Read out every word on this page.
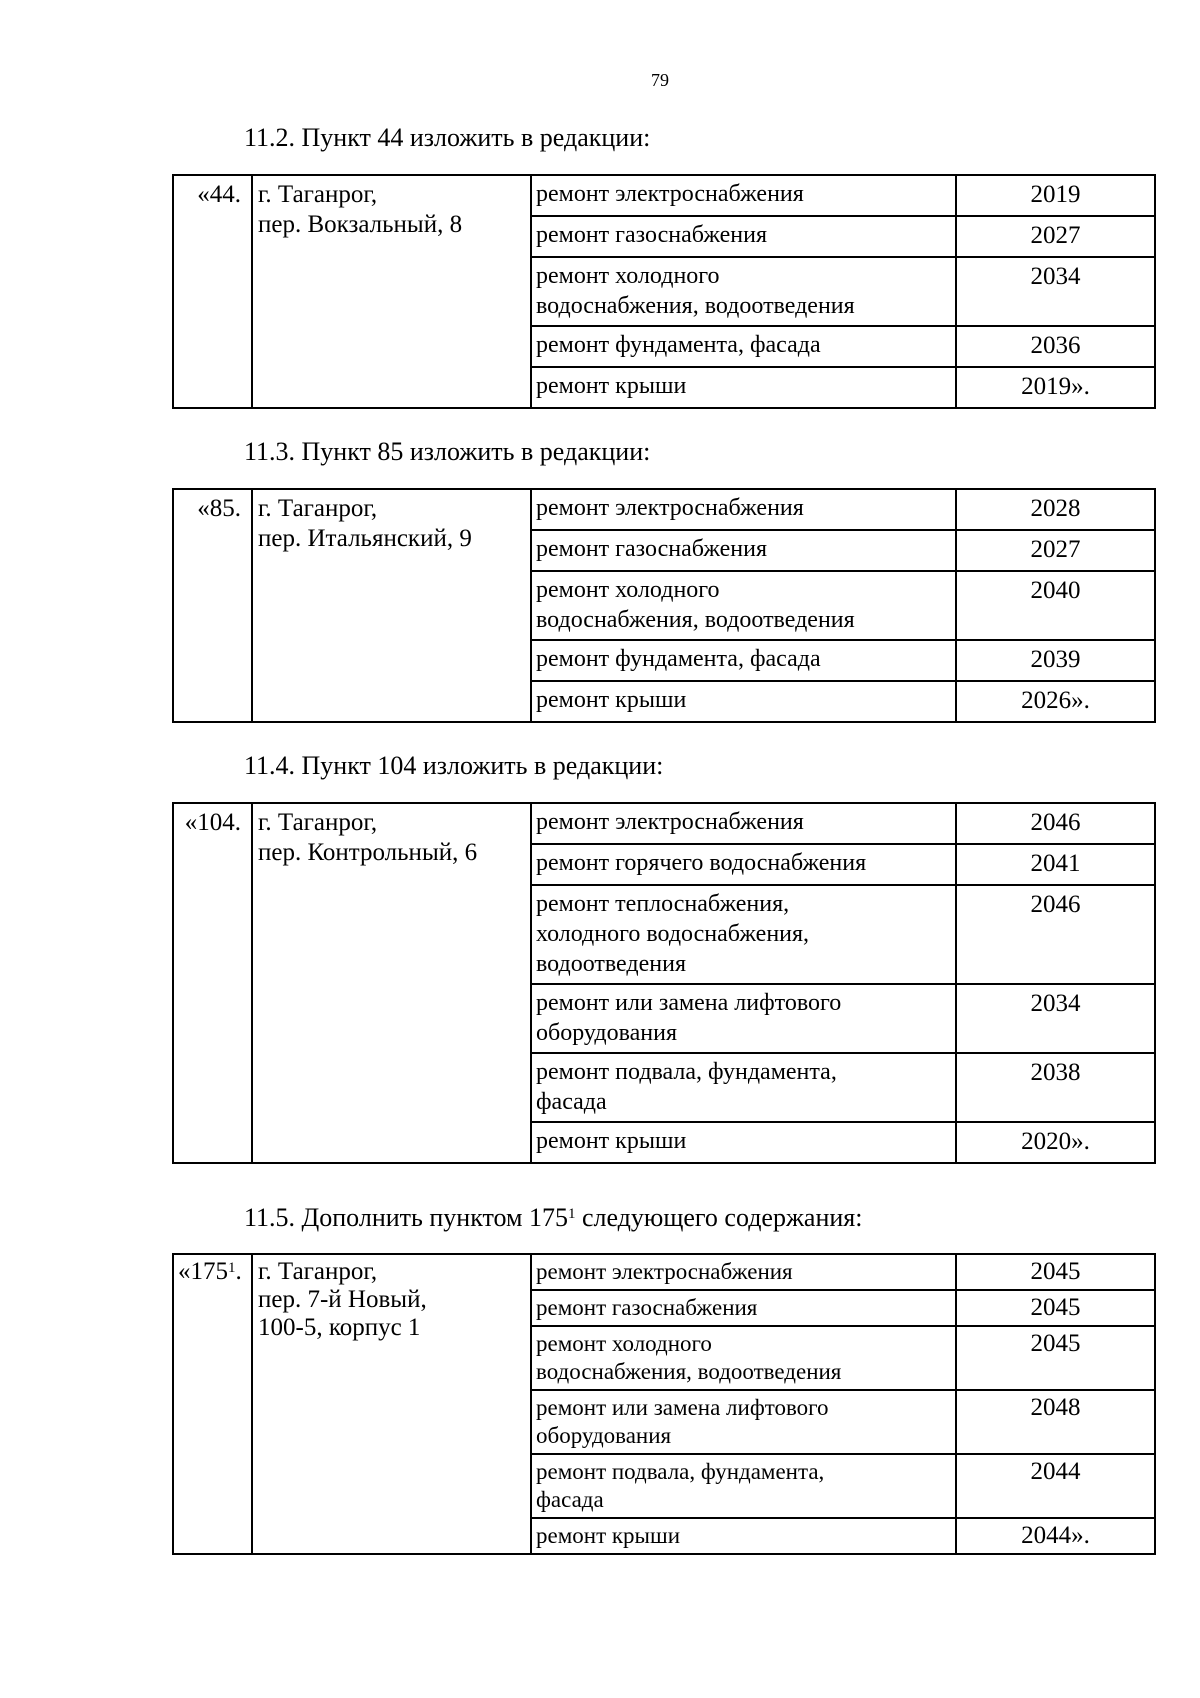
79
11.2. Пункт 44 изложить в редакции:
«44.	г. Таганрог,
пер. Вокзальный, 8	ремонт электроснабжения	2019

		ремонт газоснабжения	2027

		ремонт холодного
водоснабжения, водоотведения	2034

		ремонт фундамента, фасада	2036

		ремонт крыши	2019».
11.3. Пункт 85 изложить в редакции:
«85.	г. Таганрог,
пер. Итальянский, 9	ремонт электроснабжения	2028

		ремонт газоснабжения	2027

		ремонт холодного
водоснабжения, водоотведения	2040

		ремонт фундамента, фасада	2039

		ремонт крыши	2026».
11.4. Пункт 104 изложить в редакции:
«104.	г. Таганрог,
пер. Контрольный, 6	ремонт электроснабжения	2046

		ремонт горячего водоснабжения	2041

		ремонт теплоснабжения,
холодного водоснабжения,
водоотведения	2046

		ремонт или замена лифтового
оборудования	2034

		ремонт подвала, фундамента,
фасада	2038

		ремонт крыши	2020».
11.5. Дополнить пунктом $175^1$ следующего содержания:
«$175^1$.	г. Таганрог,
пер. 7-й Новый,
100-5, корпус 1	ремонт электроснабжения	2045

		ремонт газоснабжения	2045

		ремонт холодного
водоснабжения, водоотведения	2045

		ремонт или замена лифтового
оборудования	2048

		ремонт подвала, фундамента,
фасада	2044

		ремонт крыши	2044».
